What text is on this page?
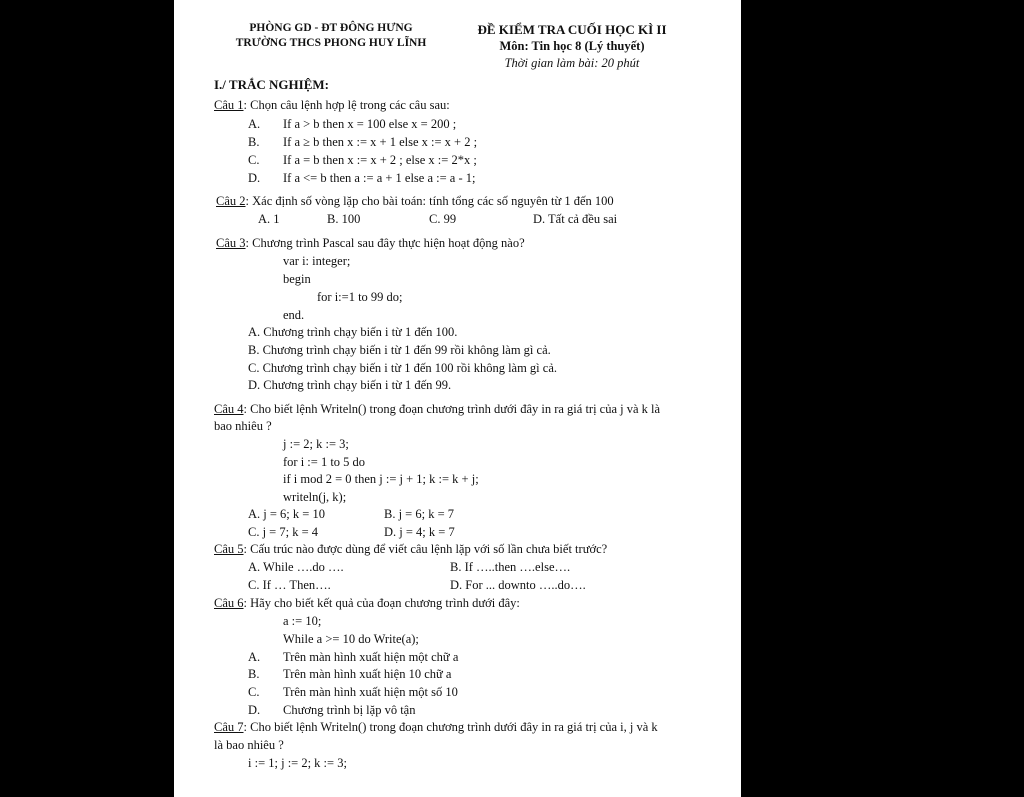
PHÒNG GD - ĐT ĐÔNG HƯNG
TRƯỜNG THCS PHONG HUY LĨNH
ĐỀ KIỂM TRA CUỐI HỌC KÌ II
Môn: Tin học 8 (Lý thuyết)
Thời gian làm bài: 20 phút
I./ TRẮC NGHIỆM:
Câu 1: Chọn câu lệnh hợp lệ trong các câu sau:
A. If a > b then x = 100 else x = 200 ;
B. If a ≥ b then x := x + 1 else x := x + 2 ;
C. If a = b then x := x + 2 ; else x := 2*x ;
D. If a <= b then a := a + 1 else a := a - 1;
Câu 2: Xác định số vòng lặp cho bài toán: tính tổng các số nguyên từ 1 đến 100
A. 1	B. 100	C. 99	D. Tất cả đều sai
Câu 3: Chương trình Pascal sau đây thực hiện hoạt động nào?
var i: integer;
begin
for i:=1 to 99 do;
end.
A. Chương trình chạy biến i từ 1 đến 100.
B. Chương trình chạy biến i từ 1 đến 99 rồi không làm gì cả.
C. Chương trình chạy biến i từ 1 đến 100 rồi không làm gì cả.
D. Chương trình chạy biến i từ 1 đến 99.
Câu 4: Cho biết lệnh Writeln() trong đoạn chương trình dưới đây in ra giá trị của j và k là
bao nhiêu ?
j := 2; k := 3;
for i := 1 to 5 do
if i mod 2 = 0 then j := j + 1; k := k + j;
writeln(j, k);
A. j = 6; k = 10	B. j = 6; k = 7
C. j = 7; k = 4	D. j = 4; k = 7
Câu 5: Cấu trúc nào được dùng để viết câu lệnh lặp với số lần chưa biết trước?
A. While ….do ….	B. If …..then ….else….
C. If … Then….	D. For ... downto …..do….
Câu 6: Hãy cho biết kết quả của đoạn chương trình dưới đây:
a := 10;
While a >= 10 do Write(a);
A. Trên màn hình xuất hiện một chữ a
B. Trên màn hình xuất hiện 10 chữ a
C. Trên màn hình xuất hiện một số 10
D. Chương trình bị lặp vô tận
Câu 7: Cho biết lệnh Writeln() trong đoạn chương trình dưới đây in ra giá trị của i, j và k
là bao nhiêu ?
i := 1; j := 2; k := 3;
